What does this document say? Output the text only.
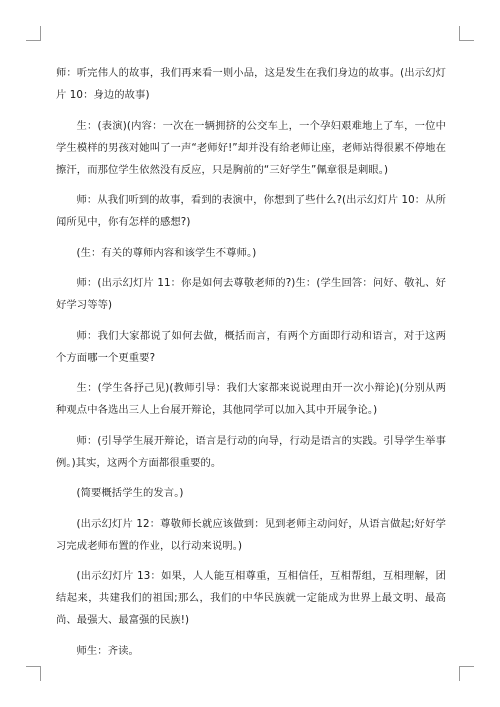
师：听完伟人的故事，我们再来看一则小品，这是发生在我们身边的故事。(出示幻灯片 10：身边的故事)

生：(表演)(内容：一次在一辆拥挤的公交车上，一个孕妇艰难地上了车，一位中学生模样的男孩对她叫了一声“老师好!”却并没有给老师让座，老师站得很累不停地在擦汗，而那位学生依然没有反应，只是胸前的“三好学生”佩章很是刺眼。)

师：从我们听到的故事，看到的表演中，你想到了些什么?(出示幻灯片 10：从所闻所见中，你有怎样的感想?)

(生：有关的尊师内容和该学生不尊师。)

师：(出示幻灯片 11：你是如何去尊敬老师的?)生：(学生回答：问好、敬礼、好好学习等等)

师：我们大家都说了如何去做，概括而言，有两个方面即行动和语言，对于这两个方面哪一个更重要?

生：(学生各抒己见)(教师引导：我们大家都来说说理由开一次小辩论)(分别从两种观点中各选出三人上台展开辩论，其他同学可以加入其中开展争论。)

师：(引导学生展开辩论，语言是行动的向导，行动是语言的实践。引导学生举事例。)其实，这两个方面都很重要的。

(简要概括学生的发言。)

(出示幻灯片 12：尊敬师长就应该做到：见到老师主动问好，从语言做起;好好学习完成老师布置的作业，以行动来说明。)

(出示幻灯片 13：如果，人人能互相尊重，互相信任，互相帮组，互相理解，团结起来，共建我们的祖国;那么，我们的中华民族就一定能成为世界上最文明、最高尚、最强大、最富强的民族!)

师生：齐读。
